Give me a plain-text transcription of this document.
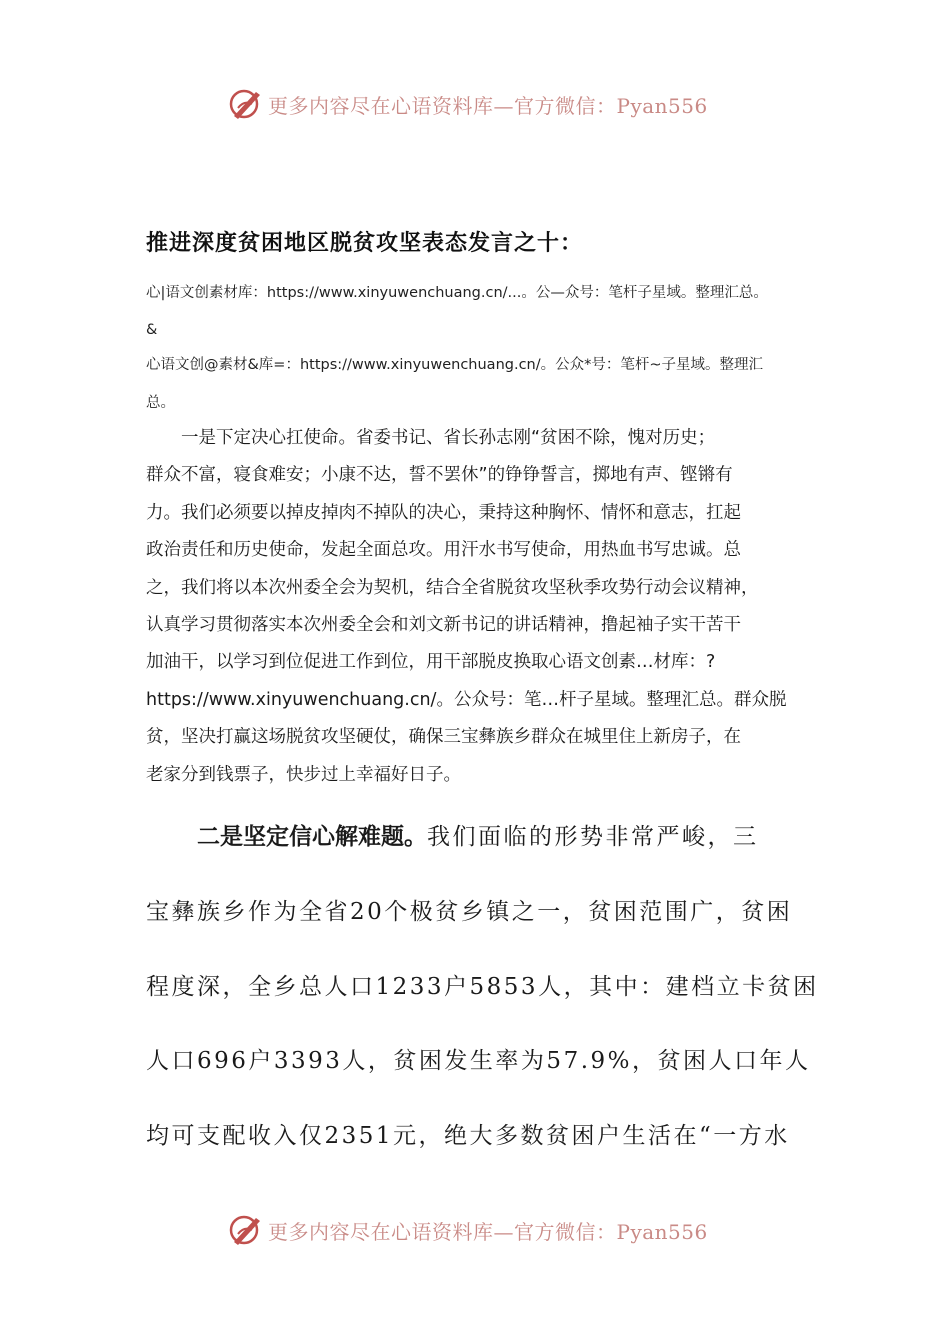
更多内容尽在心语资料库—官方微信：Pyan556
推进深度贫困地区脱贫攻坚表态发言之十：

心|语文创素材库：https://www.xinyuwenchuang.cn/...。公—众号：笔杆子星域。整理汇总。

&

心语文创@素材&库=：https://www.xinyuwenchuang.cn/。公众*号：笔杆~子星域。整理汇

总。

　　一是下定决心扛使命。省委书记、省长孙志刚“贫困不除，愧对历史；
群众不富，寝食难安；小康不达，誓不罢休”的铮铮誓言，掷地有声、铿锵有
力。我们必须要以掉皮掉肉不掉队的决心，秉持这种胸怀、情怀和意志，扛起
政治责任和历史使命，发起全面总攻。用汗水书写使命，用热血书写忠诚。总
之，我们将以本次州委全会为契机，结合全省脱贫攻坚秋季攻势行动会议精神，
认真学习贯彻落实本次州委全会和刘文新书记的讲话精神，撸起袖子实干苦干
加油干，以学习到位促进工作到位，用干部脱皮换取心语文创素…材库：?
https://www.xinyuwenchuang.cn/。公众号：笔…杆子星域。整理汇总。群众脱
贫，坚决打赢这场脱贫攻坚硬仗，确保三宝彝族乡群众在城里住上新房子，在
老家分到钱票子，快步过上幸福好日子。
　　二是坚定信心解难题。我们面临的形势非常严峻，三
宝彝族乡作为全省20个极贫乡镇之一，贫困范围广，贫困
程度深，全乡总人口1233户5853人，其中：建档立卡贫困
人口696户3393人，贫困发生率为57.9%，贫困人口年人
均可支配收入仅2351元，绝大多数贫困户生活在“一方水
更多内容尽在心语资料库—官方微信：Pyan556
